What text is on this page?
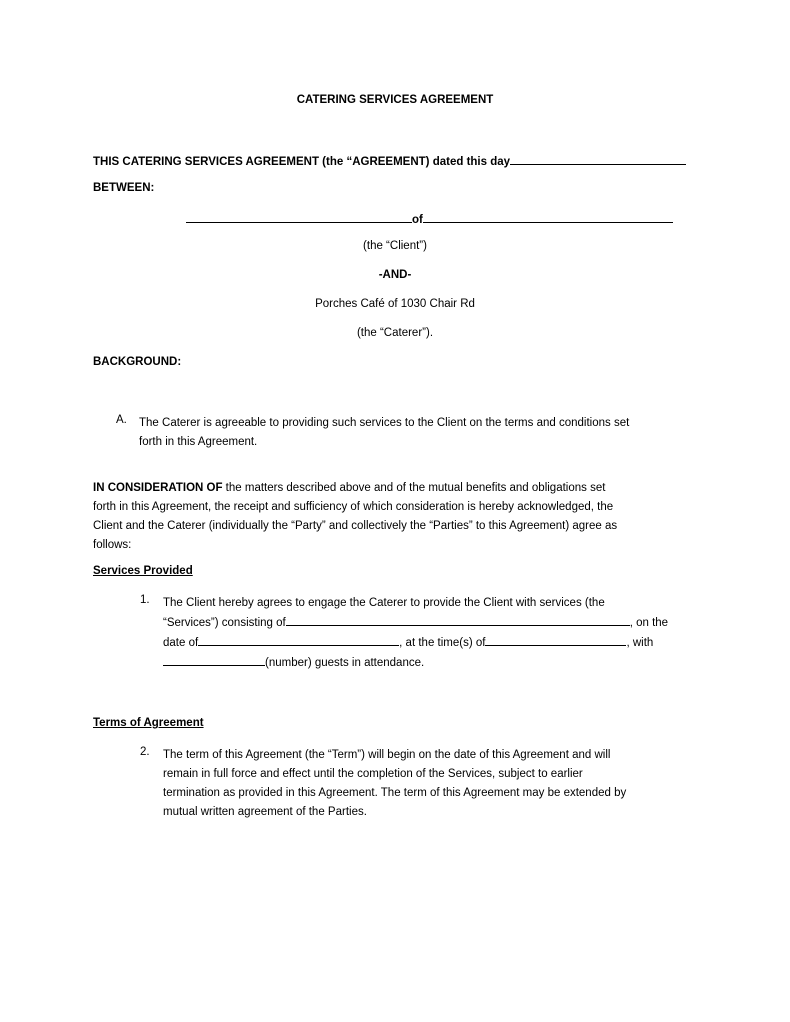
CATERING SERVICES AGREEMENT
THIS CATERING SERVICES AGREEMENT (the “AGREEMENT) dated this day
BETWEEN:
of
(the “Client”)
-AND-
Porches Café of 1030 Chair Rd
(the “Caterer”).
BACKGROUND:
A. The Caterer is agreeable to providing such services to the Client on the terms and conditions set
forth in this Agreement.
IN CONSIDERATION OF the matters described above and of the mutual benefits and obligations set
forth in this Agreement, the receipt and sufficiency of which consideration is hereby acknowledged, the
Client and the Caterer (individually the “Party” and collectively the “Parties” to this Agreement) agree as
follows:
Services Provided
1. The Client hereby agrees to engage the Caterer to provide the Client with services (the
“Services”) consisting of	, on the
date of	, at the time(s) of	, with
(number) guests in attendance.
Terms of Agreement
2. The term of this Agreement (the “Term”) will begin on the date of this Agreement and will
remain in full force and effect until the completion of the Services, subject to earlier
termination as provided in this Agreement. The term of this Agreement may be extended by
mutual written agreement of the Parties.
